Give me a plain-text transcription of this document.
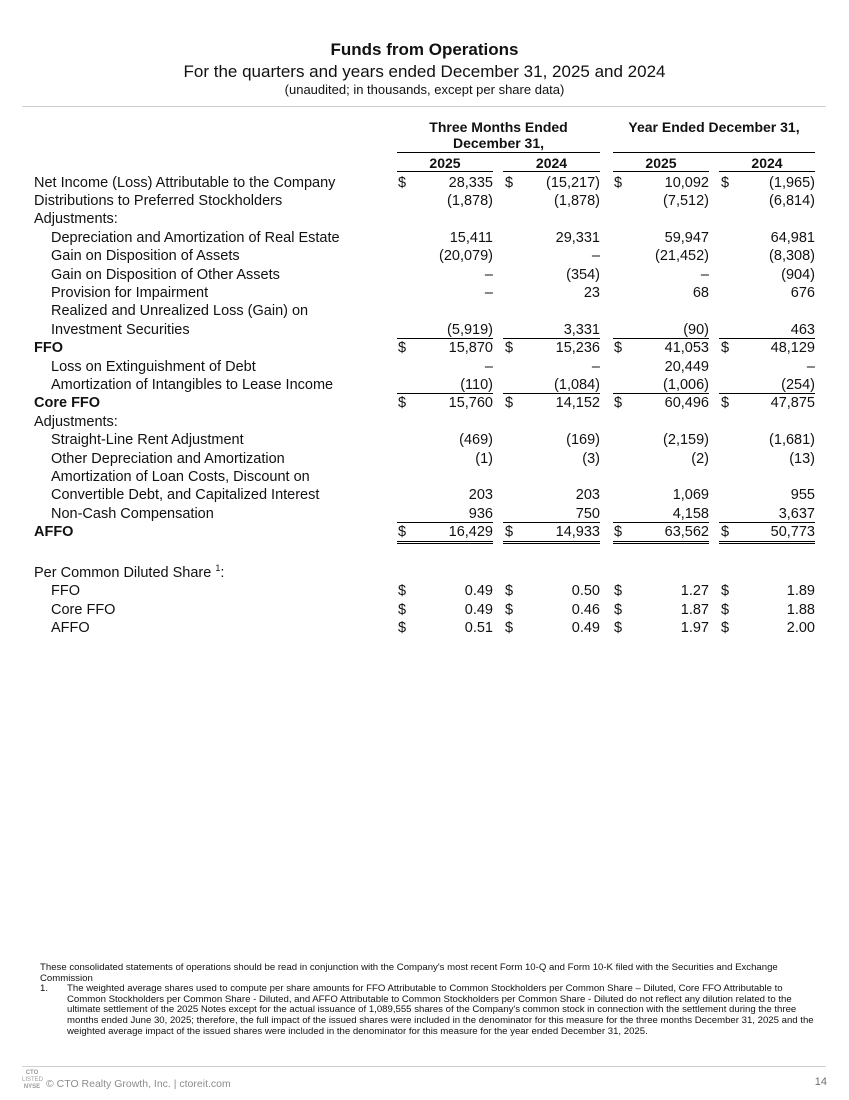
Funds from Operations
For the quarters and years ended December 31, 2025 and 2024
(unaudited; in thousands, except per share data)
Three Months Ended December 31,
Year Ended December 31,
2025	2024	2025	2024
Net Income (Loss) Attributable to the Company	$	28,335 $ (15,217) $	10,092 $	(1,965)
Distributions to Preferred Stockholders	(1,878)	(1,878)	(7,512)	(6,814)
Adjustments:
Depreciation and Amortization of Real Estate	15,411	29,331	59,947	64,981
Gain on Disposition of Assets	(20,079)	–	(21,452)	(8,308)
Gain on Disposition of Other Assets	–	(354)	–	(904)
Provision for Impairment	–	23	68	676
Realized and Unrealized Loss (Gain) on
Investment Securities	(5,919)	3,331	(90)	463
FFO	$	15,870 $	15,236 $	41,053 $	48,129
Loss on Extinguishment of Debt	–	–	20,449	–
Amortization of Intangibles to Lease Income	(110)	(1,084)	(1,006)	(254)
Core FFO	$	15,760 $	14,152 $	60,496 $	47,875
Adjustments:
Straight-Line Rent Adjustment	(469)	(169)	(2,159)	(1,681)
Other Depreciation and Amortization	(1)	(3)	(2)	(13)
Amortization of Loan Costs, Discount on
Convertible Debt, and Capitalized Interest	203	203	1,069	955
Non-Cash Compensation	936	750	4,158	3,637
AFFO	$	16,429 $	14,933 $	63,562 $	50,773
Per Common Diluted Share $^1$:
FFO	$	0.49 $	0.50 $	1.27 $	1.89
Core FFO	$	0.49 $	0.46 $	1.87 $	1.88
AFFO	$	0.51 $	0.49 $	1.97 $	2.00
These consolidated statements of operations should be read in conjunction with the Company's most recent Form 10-Q and Form 10-K filed with the Securities and Exchange Commission
1. The weighted average shares used to compute per share amounts for FFO Attributable to Common Stockholders per Common Share – Diluted, Core FFO Attributable to Common Stockholders per Common Share - Diluted, and AFFO Attributable to Common Stockholders per Common Share - Diluted do not reflect any dilution related to the ultimate settlement of the 2025 Notes except for the actual issuance of 1,089,555 shares of the Company's common stock in connection with the settlement during the three months ended June 30, 2025; therefore, the full impact of the issued shares were included in the denominator for this measure for the three months December 31, 2025 and the weighted average impact of the issued shares were included in the denominator for this measure for the year ended December 31, 2025.
CTO
LISTED
NYSE © CTO Realty Growth, Inc. | ctoreit.com	14
